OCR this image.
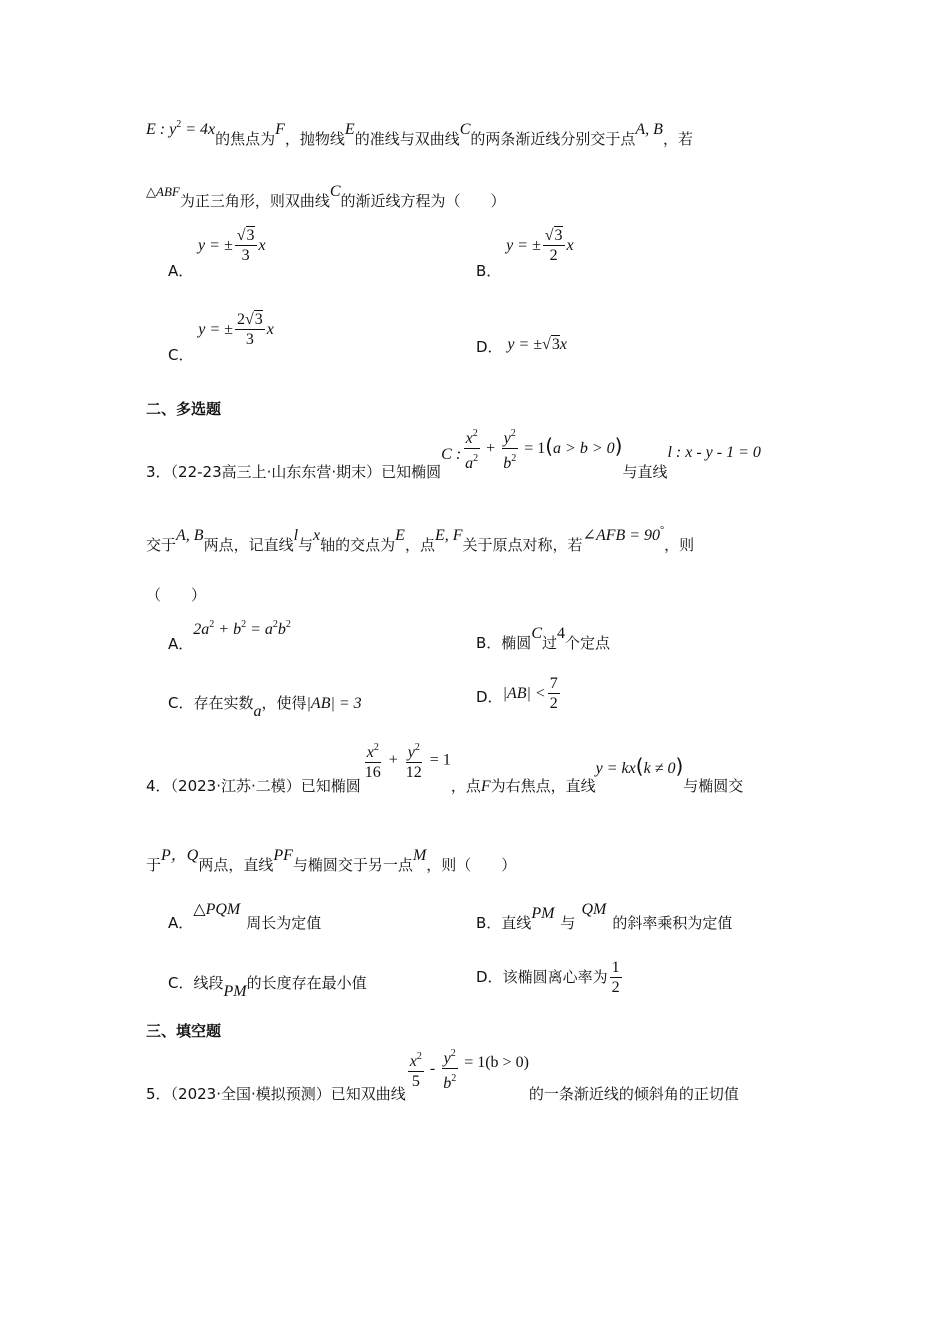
E : $y^2 = 4x$的焦点为F，抛物线E的准线与双曲线C的两条渐近线分别交于点A, B，若
△ABF为正三角形，则双曲线C的渐近线方程为（　　）
A． y = ± $\frac{√3}{3}$ x
B． y = ± $\frac{√3}{2}$ x
C． y = ± $\frac{2√3}{3}$ x
D． y = ±√3x
二、多选题
3．（22-23高三上·山东东营·期末）已知椭圆C : $\frac{x^2}{a^2} + \frac{y^2}{b^2} = 1(a > b > 0)$与直线l : x - y - 1 = 0
交于A, B两点，记直线l与x轴的交点为E，点E, F关于原点对称，若∠AFB = 90°，则
（　　）
A．$2a^2 + b^2 = a^2b^2$
B．椭圆C过4个定点
C．存在实数a，使得|AB| = 3	D．$|AB| < \frac{7}{2}$
4．（2023·江苏·二模）已知椭圆
$\frac{x^2}{16} + \frac{y^2}{12} = 1$，点F为右焦点，直线y = kx(k ≠ 0)与椭圆交
于P，Q两点，直线PF与椭圆交于另一点M，则（　　）
A．△PQM周长为定值	B．直线PM与QM的斜率乘积为定值
C．线段PM的长度存在最小值	D．该椭圆离心率为 $\frac{1}{2}$
三、填空题
5．（2023·全国·模拟预测）已知双曲线
$\frac{x^2}{5} - \frac{y^2}{b^2} = 1(b > 0)$的一条渐近线的倾斜角的正切值
